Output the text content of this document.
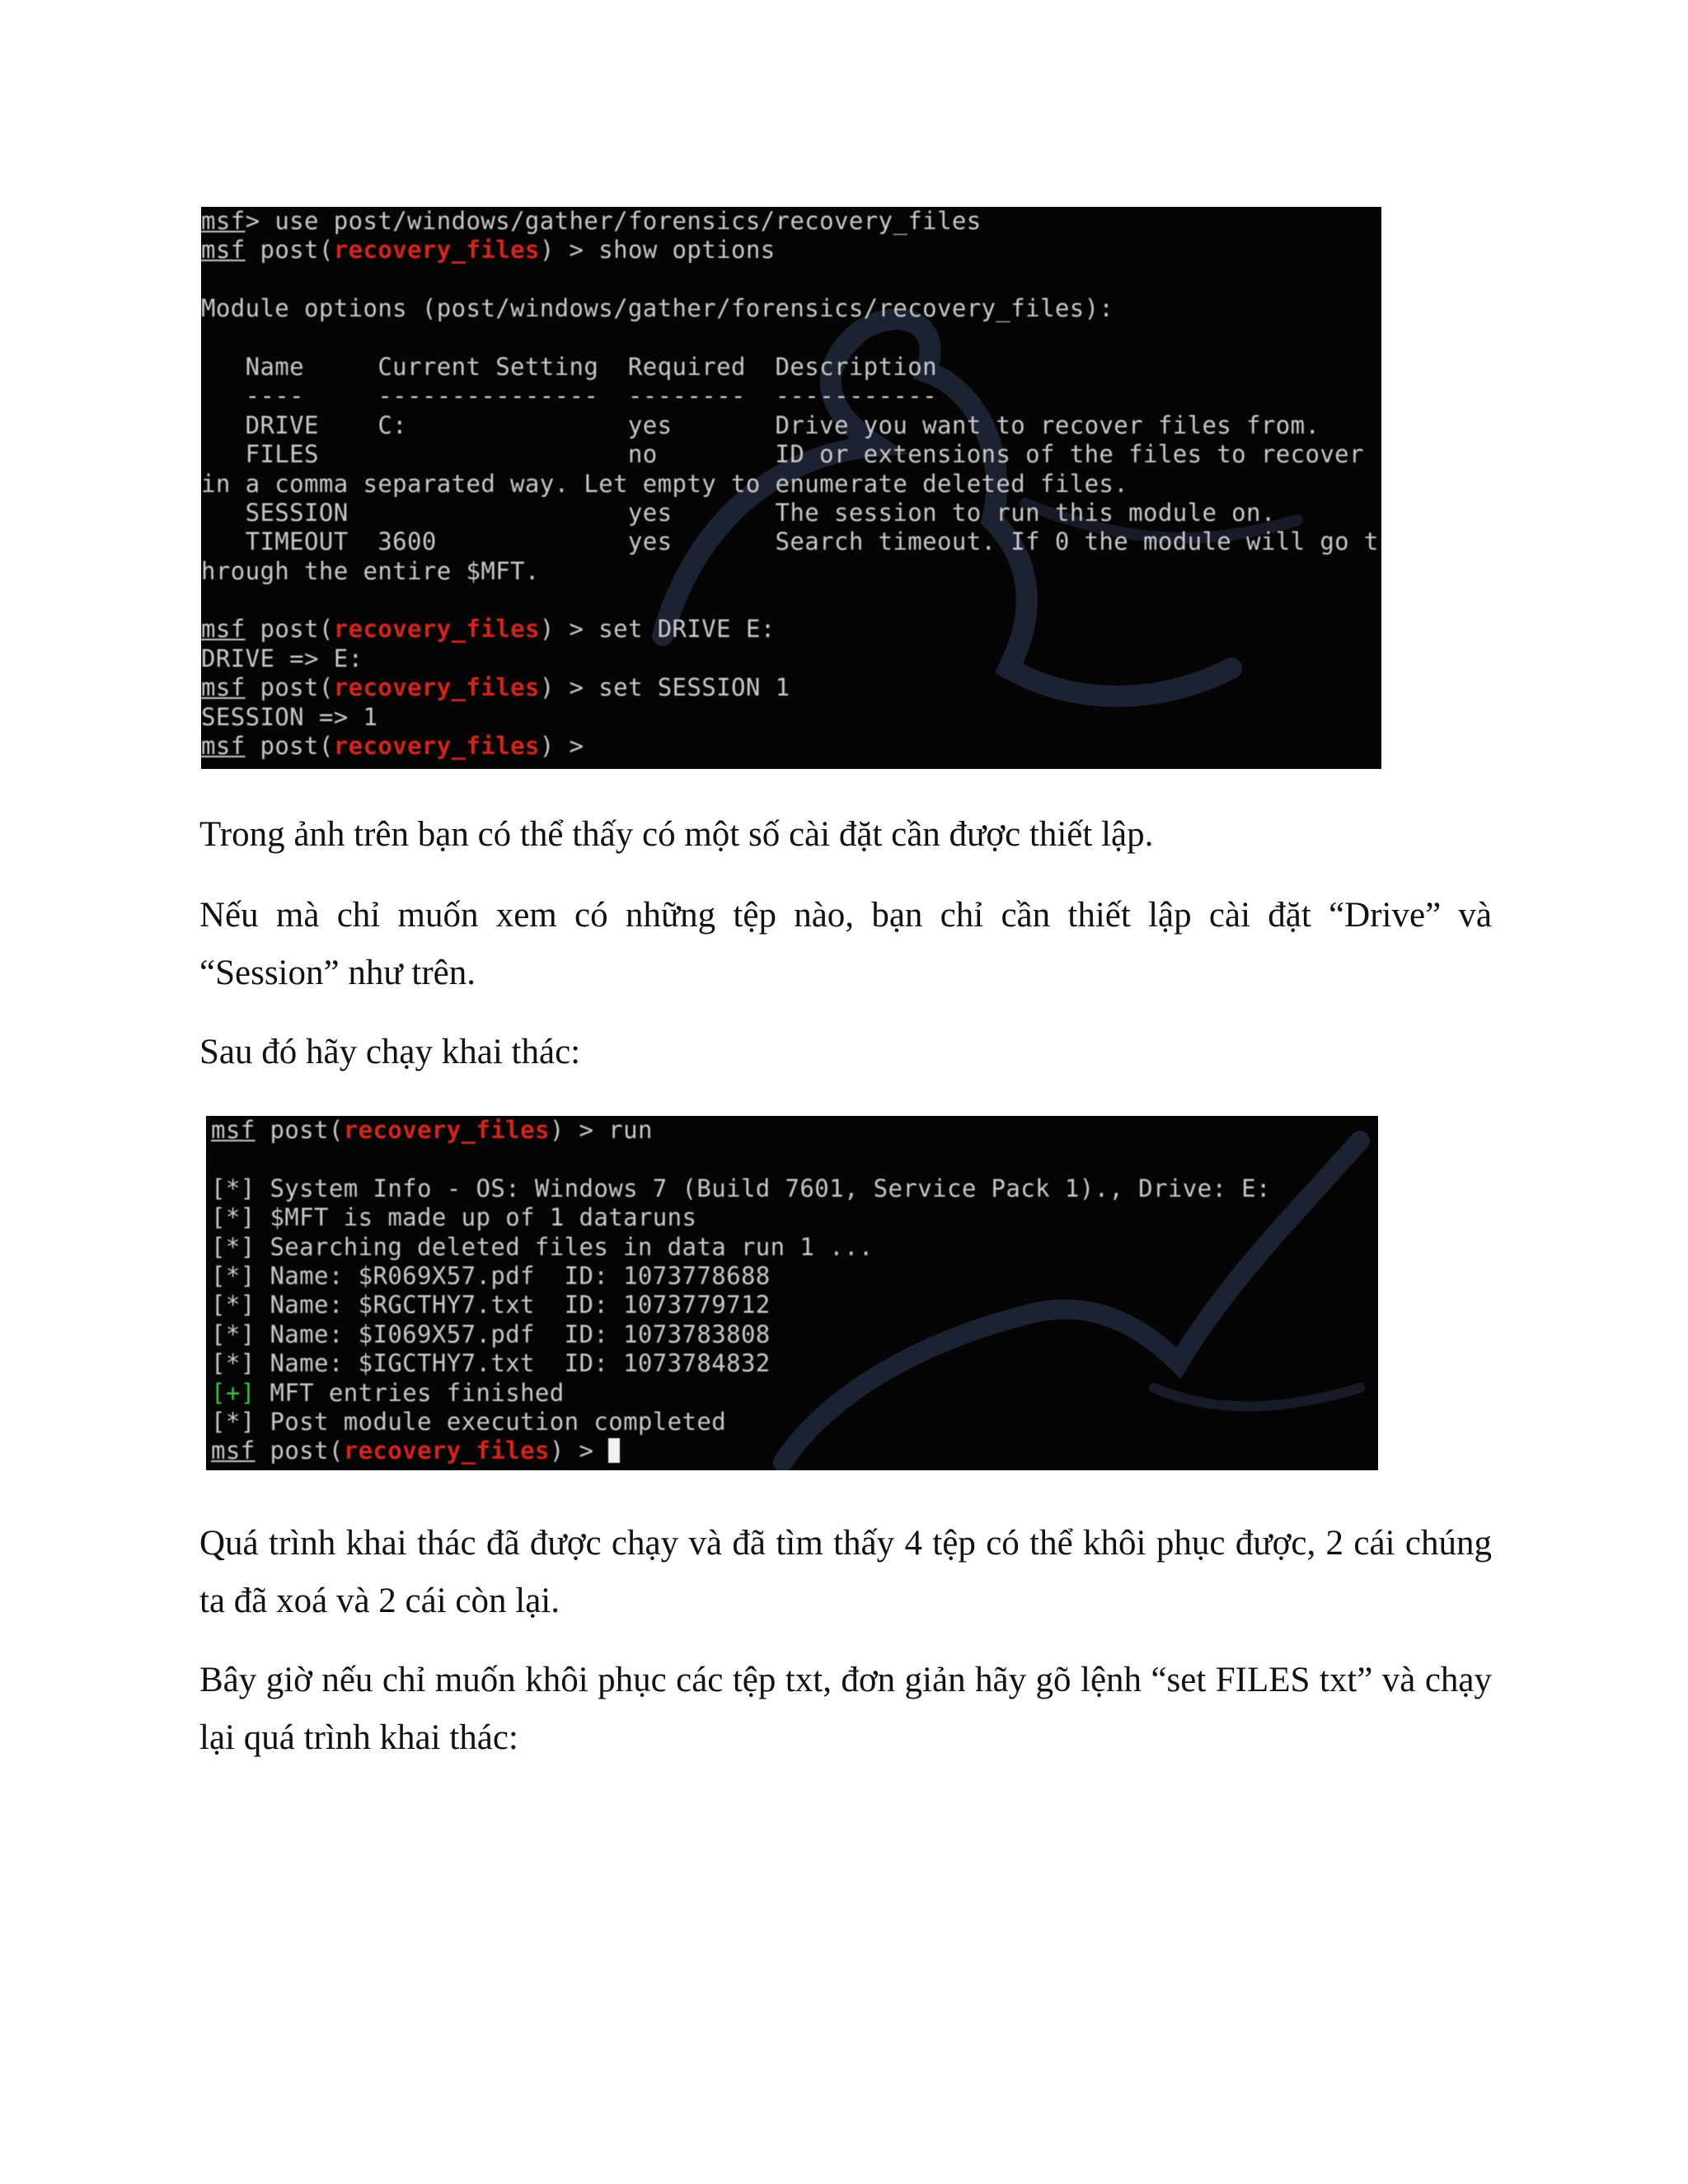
msf> use post/windows/gather/forensics/recovery_files
msf post(recovery_files) > show options
Module options (post/windows/gather/forensics/recovery_files):
Name     Current Setting  Required  Description
----     ---------------  --------  -----------
DRIVE    C:               yes       Drive you want to recover files from.
FILES                     no        ID or extensions of the files to recover
in a comma separated way. Let empty to enumerate deleted files.
SESSION                   yes       The session to run this module on.
TIMEOUT  3600             yes       Search timeout. If 0 the module will go t
hrough the entire $MFT.
msf post(recovery_files) > set DRIVE E:
DRIVE => E:
msf post(recovery_files) > set SESSION 1
SESSION => 1
msf post(recovery_files) >

Trong ảnh trên bạn có thể thấy có một số cài đặt cần được thiết lập.

Nếu mà chỉ muốn xem có những tệp nào, bạn chỉ cần thiết lập cài đặt “Drive” và “Session” như trên.

Sau đó hãy chạy khai thác:

msf post(recovery_files) > run
[*] System Info - OS: Windows 7 (Build 7601, Service Pack 1)., Drive: E:
[*] $MFT is made up of 1 dataruns
[*] Searching deleted files in data run 1 ...
[*] Name: $R069X57.pdf  ID: 1073778688
[*] Name: $RGCTHY7.txt  ID: 1073779712
[*] Name: $I069X57.pdf  ID: 1073783808
[*] Name: $IGCTHY7.txt  ID: 1073784832
[+] MFT entries finished
[*] Post module execution completed
msf post(recovery_files) >

Quá trình khai thác đã được chạy và đã tìm thấy 4 tệp có thể khôi phục được, 2 cái chúng ta đã xoá và 2 cái còn lại.

Bây giờ nếu chỉ muốn khôi phục các tệp txt, đơn giản hãy gõ lệnh “set FILES txt” và chạy lại quá trình khai thác:
